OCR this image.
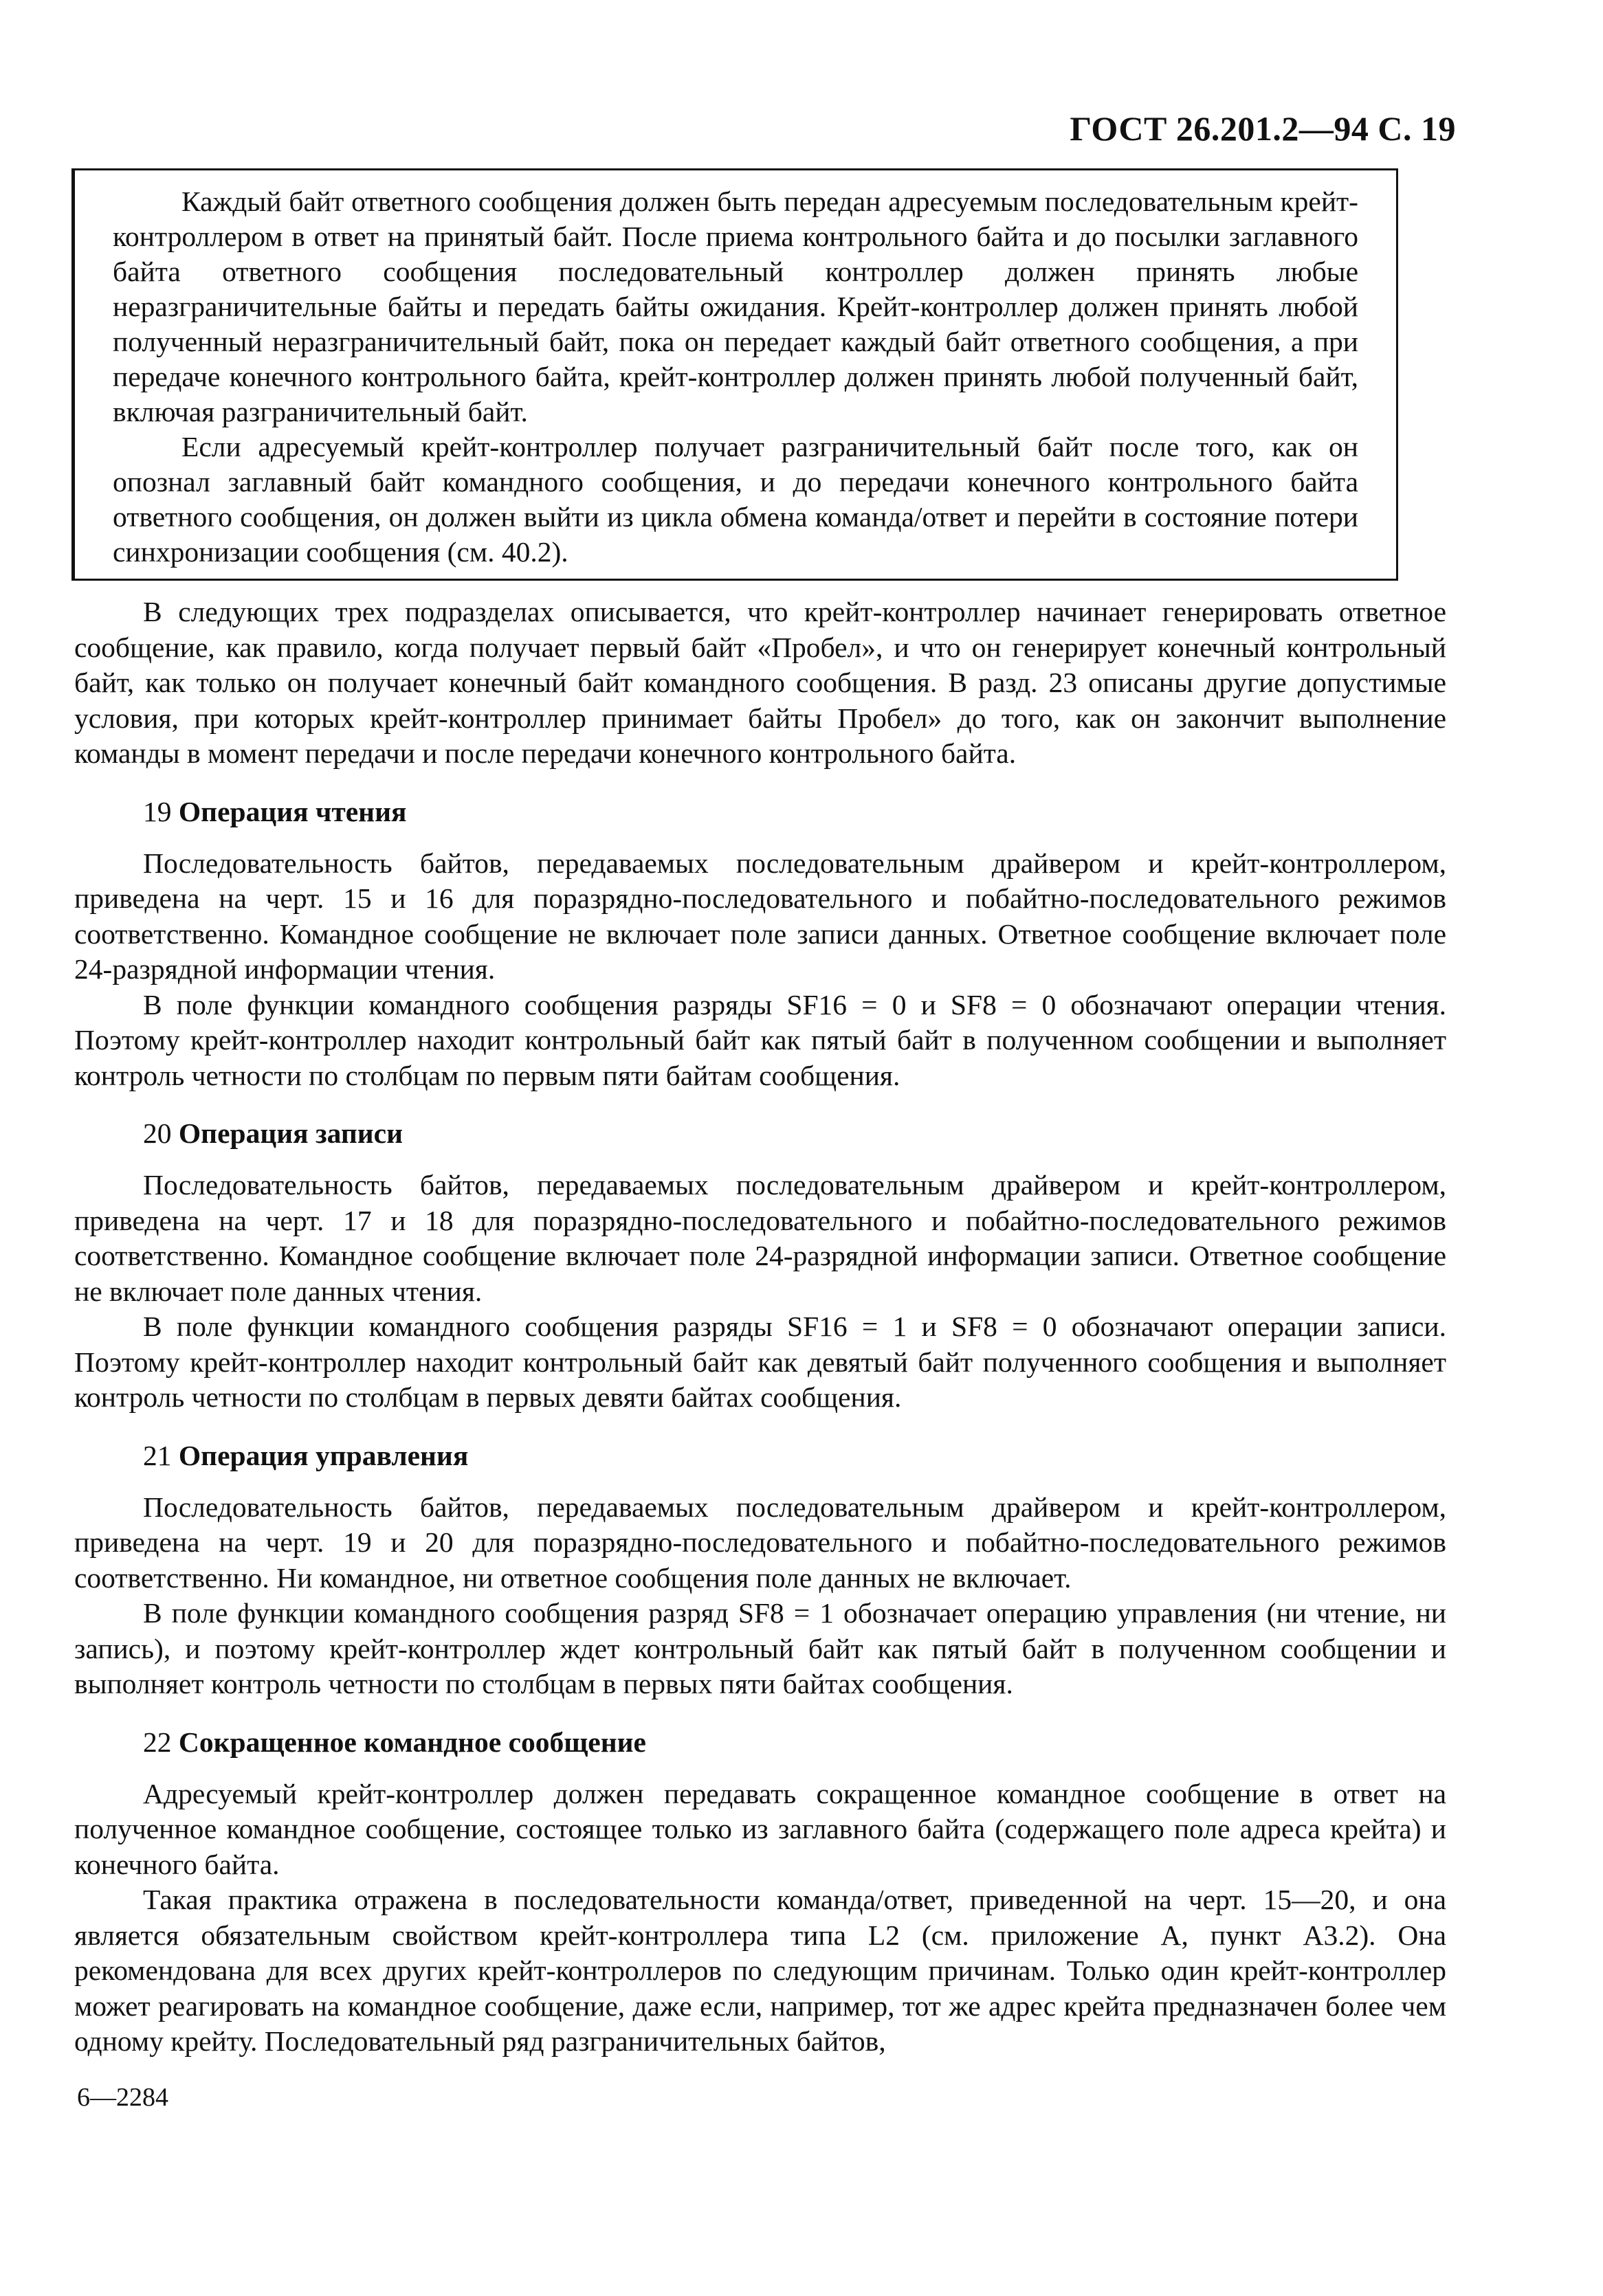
ГОСТ 26.201.2—94 С. 19

Каждый байт ответного сообщения должен быть передан адресуемым последовательным крейт-контроллером в ответ на принятый байт. После приема контрольного байта и до посылки заглавного байта ответного сообщения последовательный контроллер должен принять любые неразграничительные байты и передать байты ожидания. Крейт-контроллер должен принять любой полученный неразграничительный байт, пока он передает каждый байт ответного сообщения, а при передаче конечного контрольного байта, крейт-контроллер должен принять любой полученный байт, включая разграничительный байт.

Если адресуемый крейт-контроллер получает разграничительный байт после того, как он опознал заглавный байт командного сообщения, и до передачи конечного контрольного байта ответного сообщения, он должен выйти из цикла обмена команда/ответ и перейти в состояние потери синхронизации сообщения (см. 40.2).

В следующих трех подразделах описывается, что крейт-контроллер начинает генерировать ответное сообщение, как правило, когда получает первый байт «Пробел», и что он генерирует конечный контрольный байт, как только он получает конечный байт командного сообщения. В разд. 23 описаны другие допустимые условия, при которых крейт-контроллер принимает байты Пробел» до того, как он закончит выполнение команды в момент передачи и после передачи конечного контрольного байта.

19 Операция чтения

Последовательность байтов, передаваемых последовательным драйвером и крейт-контроллером, приведена на черт. 15 и 16 для поразрядно-последовательного и побайтно-последовательного режимов соответственно. Командное сообщение не включает поле записи данных. Ответное сообщение включает поле 24-разрядной информации чтения.

В поле функции командного сообщения разряды SF16 = 0 и SF8 = 0 обозначают операции чтения. Поэтому крейт-контроллер находит контрольный байт как пятый байт в полученном сообщении и выполняет контроль четности по столбцам по первым пяти байтам сообщения.

20 Операция записи

Последовательность байтов, передаваемых последовательным драйвером и крейт-контроллером, приведена на черт. 17 и 18 для поразрядно-последовательного и побайтно-последовательного режимов соответственно. Командное сообщение включает поле 24-разрядной информации записи. Ответное сообщение не включает поле данных чтения.

В поле функции командного сообщения разряды SF16 = 1 и SF8 = 0 обозначают операции записи. Поэтому крейт-контроллер находит контрольный байт как девятый байт полученного сообщения и выполняет контроль четности по столбцам в первых девяти байтах сообщения.

21 Операция управления

Последовательность байтов, передаваемых последовательным драйвером и крейт-контроллером, приведена на черт. 19 и 20 для поразрядно-последовательного и побайтно-последовательного режимов соответственно. Ни командное, ни ответное сообщения поле данных не включает.

В поле функции командного сообщения разряд SF8 = 1 обозначает операцию управления (ни чтение, ни запись), и поэтому крейт-контроллер ждет контрольный байт как пятый байт в полученном сообщении и выполняет контроль четности по столбцам в первых пяти байтах сообщения.

22 Сокращенное командное сообщение

Адресуемый крейт-контроллер должен передавать сокращенное командное сообщение в ответ на полученное командное сообщение, состоящее только из заглавного байта (содержащего поле адреса крейта) и конечного байта.

Такая практика отражена в последовательности команда/ответ, приведенной на черт. 15—20, и она является обязательным свойством крейт-контроллера типа L2 (см. приложение А, пункт А3.2). Она рекомендована для всех других крейт-контроллеров по следующим причинам. Только один крейт-контроллер может реагировать на командное сообщение, даже если, например, тот же адрес крейта предназначен более чем одному крейту. Последовательный ряд разграничительных байтов,

6—2284
